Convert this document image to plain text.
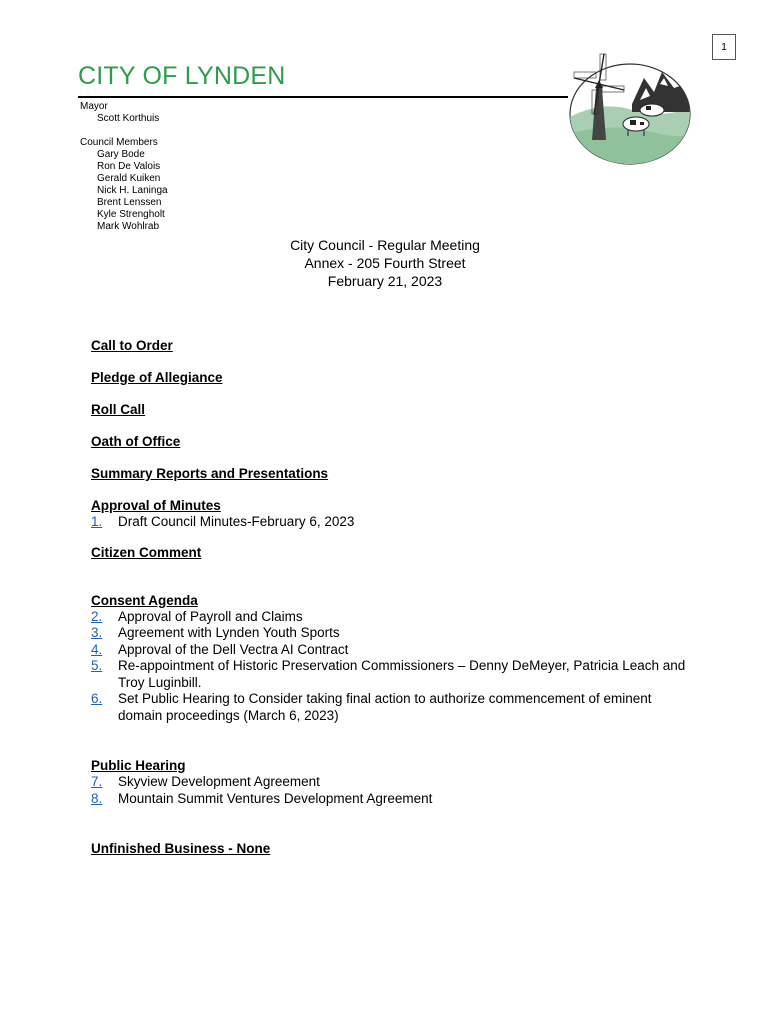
1
CITY OF LYNDEN
Mayor
Scott Korthuis
Council Members
Gary Bode
Ron De Valois
Gerald Kuiken
Nick H. Laninga
Brent Lenssen
Kyle Strengholt
Mark Wohlrab
City Council - Regular Meeting
Annex - 205 Fourth Street
February 21, 2023
Call to Order
Pledge of Allegiance
Roll Call
Oath of Office
Summary Reports and Presentations
Approval of Minutes
1.	Draft Council Minutes-February 6, 2023
Citizen Comment
Consent Agenda
2.	Approval of Payroll and Claims
3.	Agreement with Lynden Youth Sports
4.	Approval of the Dell Vectra AI Contract
5.	Re-appointment of Historic Preservation Commissioners – Denny DeMeyer, Patricia Leach and Troy Luginbill.
6.	Set Public Hearing to Consider taking final action to authorize commencement of eminent domain proceedings (March 6, 2023)
Public Hearing
7.	Skyview Development Agreement
8.	Mountain Summit Ventures Development Agreement
Unfinished Business - None
